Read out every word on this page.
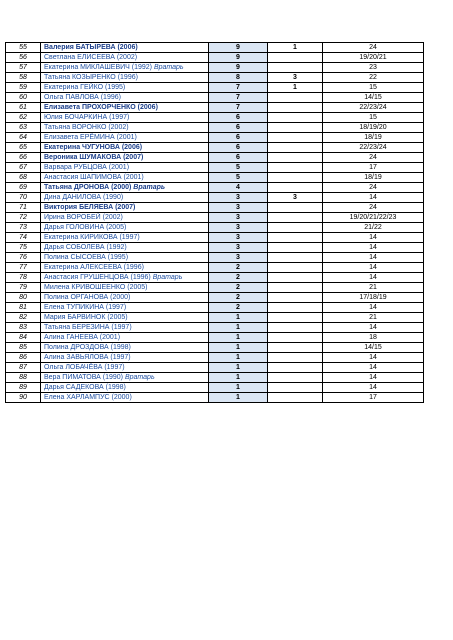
55	Валерия БАТЫРЕВА (2006)	9	1	24
56	Светлана ЕЛИСЕЕВА (2002)	9		19/20/21
57	Екатерина МИКЛАШЕВИЧ (1992) Вратарь	9		23
58	Татьяна КОЗЫРЕНКО (1996)	8	3	22
59	Екатерина ГЕЙКО (1995)	7	1	15
60	Ольга ПАВЛОВА (1996)	7		14/15
61	Елизавета ПРОХОРЧЕНКО (2006)	7		22/23/24
62	Юлия БОЧАРКИНА (1997)	6		15
63	Татьяна ВОРОНКО (2002)	6		18/19/20
64	Елизавета ЕРЁМИНА (2001)	6		18/19
65	Екатерина ЧУГУНОВА (2006)	6		22/23/24
66	Вероника ШУМАКОВА (2007)	6		24
67	Варвара РУБЦОВА (2001)	5		17
68	Анастасия ШАПИМОВА (2001)	5		18/19
69	Татьяна ДРОНОВА (2000) Вратарь	4		24
70	Дина ДАНИЛОВА (1990)	3	3	14
71	Виктория БЕЛЯЕВА (2007)	3		24
72	Ирина ВОРОБЕЙ (2002)	3		19/20/21/22/23
73	Дарья ГОЛОВИНА (2005)	3		21/22
74	Екатерина КИРИКОВА (1997)	3		14
75	Дарья СОБОЛЕВА (1992)	3		14
76	Полина СЫСОЕВА (1995)	3		14
77	Екатерина АЛЕКСЕЕВА (1996)	2		14
78	Анастасия ГРУШЕНЦОВА (1996) Вратарь	2		14
79	Милена КРИВОШЕЕНКО (2005)	2		21
80	Полина ОРГАНОВА (2000)	2		17/18/19
81	Елена ТУПИКИНА (1997)	2		14
82	Мария БАРВИНОК (2005)	1		21
83	Татьяна БЕРЕЗИНА (1997)	1		14
84	Алина ГАНЕЕВА (2001)	1		18
85	Полина ДРОЗДОВА (1998)	1		14/15
86	Алина ЗАВЬЯЛОВА (1997)	1		14
87	Ольга ЛОБАЧЁВА (1997)	1		14
88	Вера ПИМАТОВА (1990) Вратарь	1		14
89	Дарья САДЕКОВА (1998)	1		14
90	Елена ХАРЛАМПУС (2000)	1		17
